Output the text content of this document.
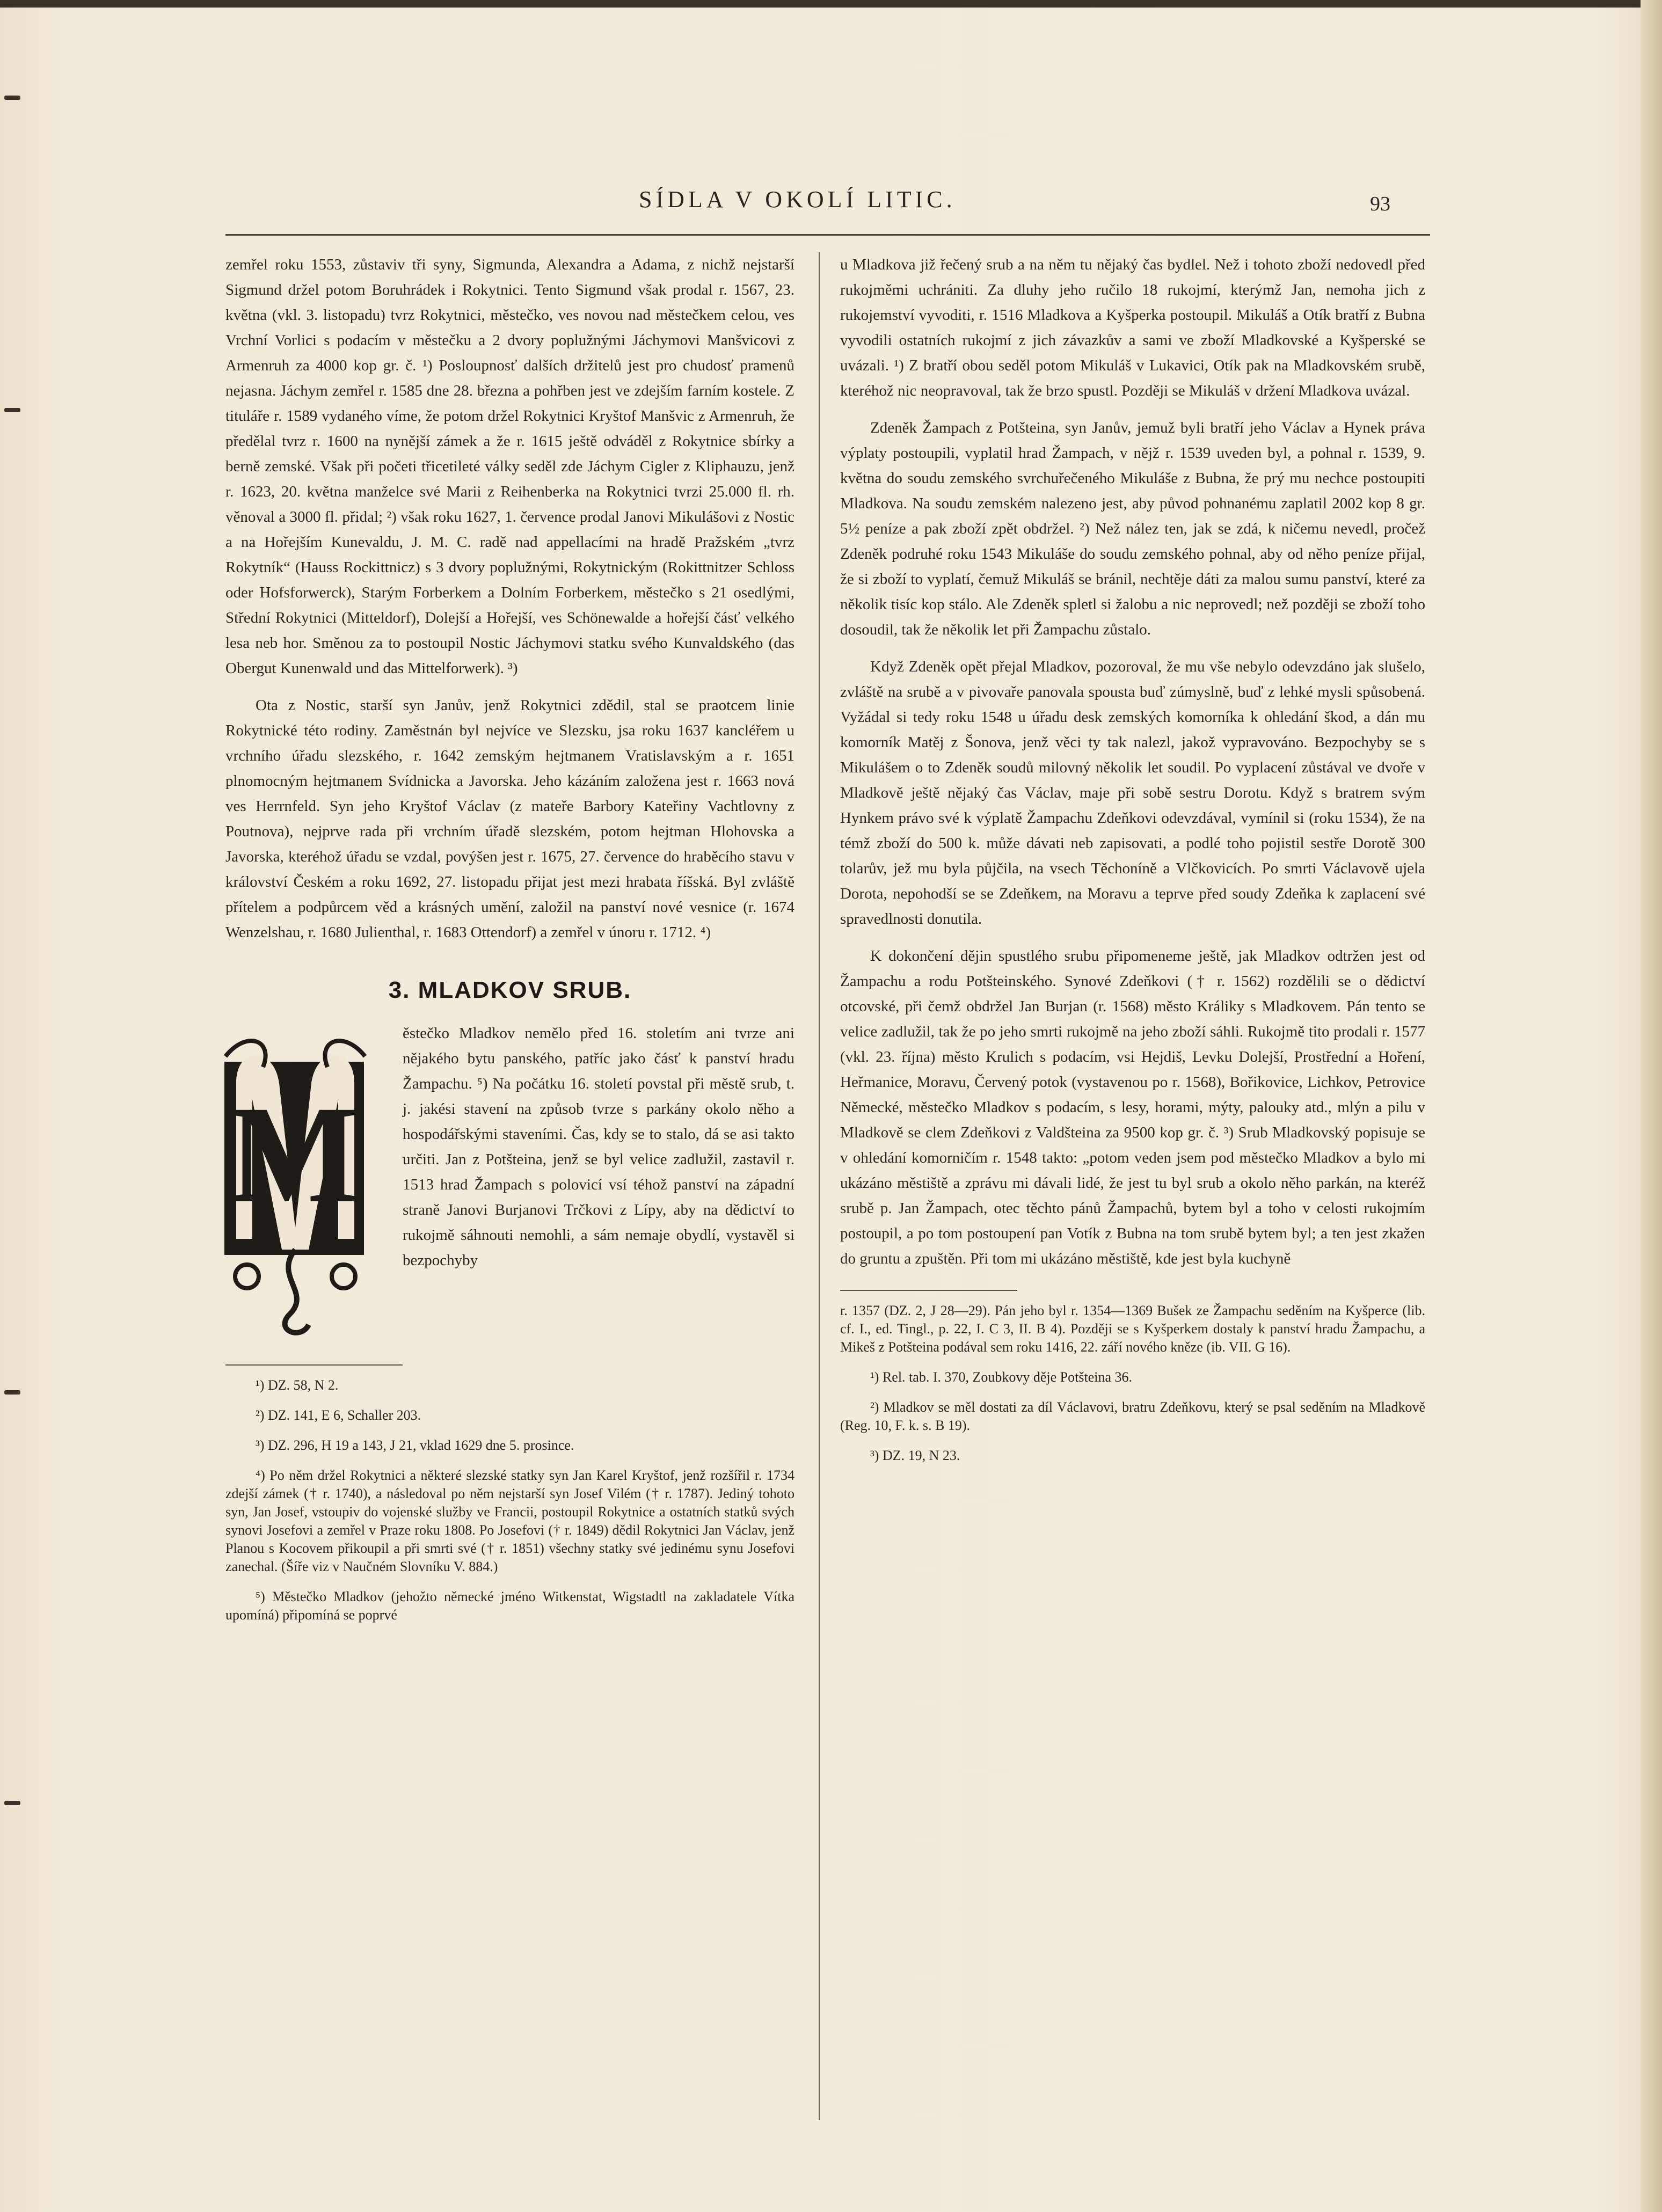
SÍDLA V OKOLÍ LITIC.	93

zemřel roku 1553, zůstaviv tři syny, Sigmunda, Alexandra a Adama, z nichž nejstarší Sigmund držel potom Boruhrádek i Rokytnici. Tento Sigmund však prodal r. 1567, 23. května (vkl. 3. listopadu) tvrz Rokytnici, městečko, ves novou nad městečkem celou, ves Vrchní Vorlici s podacím v městečku a 2 dvory poplužnými Jáchymovi Manšvicovi z Armenruh za 4000 kop gr. č. ¹) Posloupnosť dalších držitelů jest pro chudosť pramenů nejasna. Jáchym zemřel r. 1585 dne 28. března a pohřben jest ve zdejším farním kostele. Z tituláře r. 1589 vydaného víme, že potom držel Rokytnici Kryštof Manšvic z Armenruh, že předělal tvrz r. 1600 na nynější zámek a že r. 1615 ještě odváděl z Rokytnice sbírky a berně zemské. Však při početi třicetileté války seděl zde Jáchym Cigler z Kliphauzu, jenž r. 1623, 20. května manželce své Marii z Reihenberka na Rokytnici tvrzi 25.000 fl. rh. věnoval a 3000 fl. přidal; ²) však roku 1627, 1. července prodal Janovi Mikulášovi z Nostic a na Hořejším Kunevaldu, J. M. C. radě nad appellacími na hradě Pražském „tvrz Rokytník“ (Hauss Rockittnicz) s 3 dvory poplužnými, Rokytnickým (Rokittnitzer Schloss oder Hofsforwerck), Starým Forberkem a Dolním Forberkem, městečko s 21 osedlými, Střední Rokytnici (Mitteldorf), Dolejší a Hořejší, ves Schönewalde a hořejší čásť velkého lesa neb hor. Směnou za to postoupil Nostic Jáchymovi statku svého Kunvaldského (das Obergut Kunenwald und das Mittelforwerk). ³)

Ota z Nostic, starší syn Janův, jenž Rokytnici zdědil, stal se praotcem linie Rokytnické této rodiny. Zaměstnán byl nejvíce ve Slezsku, jsa roku 1637 kancléřem u vrchního úřadu slezského, r. 1642 zemským hejtmanem Vratislavským a r. 1651 plnomocným hejtmanem Svídnicka a Javorska. Jeho kázáním založena jest r. 1663 nová ves Herrnfeld. Syn jeho Kryštof Václav (z mateře Barbory Kateřiny Vachtlovny z Poutnova), nejprve rada při vrchním úřadě slezském, potom hejtman Hlohovska a Javorska, kteréhož úřadu se vzdal, povýšen jest r. 1675, 27. července do hraběcího stavu v království Českém a roku 1692, 27. listopadu přijat jest mezi hrabata říšská. Byl zvláště přítelem a podpůrcem věd a krásných umění, založil na panství nové vesnice (r. 1674 Wenzelshau, r. 1680 Julienthal, r. 1683 Ottendorf) a zemřel v únoru r. 1712. ⁴)

3. MLADKOV SRUB.
M

ěstečko Mladkov nemělo před 16. stoletím ani tvrze ani nějakého bytu panského, patříc jako čásť k panství hradu Žampachu. ⁵) Na počátku 16. století povstal při městě srub, t. j. jakési stavení na způsob tvrze s parkány okolo něho a hospodářskými staveními. Čas, kdy se to stalo, dá se asi takto určiti. Jan z Potšteina, jenž se byl velice zadlužil, zastavil r. 1513 hrad Žampach s polovicí vsí téhož panství na západní straně Janovi Burjanovi Trčkovi z Lípy, aby na dědictví to rukojmě sáhnouti nemohli, a sám nemaje obydlí, vystavěl si bezpochyby

¹) DZ. 58, N 2.

²) DZ. 141, E 6, Schaller 203.

³) DZ. 296, H 19 a 143, J 21, vklad 1629 dne 5. prosince.

⁴) Po něm držel Rokytnici a některé slezské statky syn Jan Karel Kryštof, jenž rozšířil r. 1734 zdejší zámek († r. 1740), a následoval po něm nejstarší syn Josef Vilém († r. 1787). Jediný tohoto syn, Jan Josef, vstoupiv do vojenské služby ve Francii, postoupil Rokytnice a ostatních statků svých synovi Josefovi a zemřel v Praze roku 1808. Po Josefovi († r. 1849) dědil Rokytnici Jan Václav, jenž Planou s Kocovem přikoupil a při smrti své († r. 1851) všechny statky své jedinému synu Josefovi zanechal. (Šíře viz v Naučném Slovníku V. 884.)

⁵) Městečko Mladkov (jehožto německé jméno Witkenstat, Wigstadtl na zakladatele Vítka upomíná) připomíná se poprvé

u Mladkova již řečený srub a na něm tu nějaký čas bydlel. Než i tohoto zboží nedovedl před rukojměmi uchrániti. Za dluhy jeho ručilo 18 rukojmí, kterýmž Jan, nemoha jich z rukojemství vyvoditi, r. 1516 Mladkova a Kyšperka postoupil. Mikuláš a Otík bratří z Bubna vyvodili ostatních rukojmí z jich závazkův a sami ve zboží Mladkovské a Kyšperské se uvázali. ¹) Z bratří obou seděl potom Mikuláš v Lukavici, Otík pak na Mladkovském srubě, kteréhož nic neopravoval, tak že brzo spustl. Později se Mikuláš v držení Mladkova uvázal.

Zdeněk Žampach z Potšteina, syn Janův, jemuž byli bratří jeho Václav a Hynek práva výplaty postoupili, vyplatil hrad Žampach, v nějž r. 1539 uveden byl, a pohnal r. 1539, 9. května do soudu zemského svrchuřečeného Mikuláše z Bubna, že prý mu nechce postoupiti Mladkova. Na soudu zemském nalezeno jest, aby původ pohnanému zaplatil 2002 kop 8 gr. 5½ peníze a pak zboží zpět obdržel. ²) Než nález ten, jak se zdá, k ničemu nevedl, pročež Zdeněk podruhé roku 1543 Mikuláše do soudu zemského pohnal, aby od něho peníze přijal, že si zboží to vyplatí, čemuž Mikuláš se bránil, nechtěje dáti za malou sumu panství, které za několik tisíc kop stálo. Ale Zdeněk spletl si žalobu a nic neprovedl; než později se zboží toho dosoudil, tak že několik let při Žampachu zůstalo.

Když Zdeněk opět přejal Mladkov, pozoroval, že mu vše nebylo odevzdáno jak slušelo, zvláště na srubě a v pivovaře panovala spousta buď zúmyslně, buď z lehké mysli spůsobená. Vyžádal si tedy roku 1548 u úřadu desk zemských komorníka k ohledání škod, a dán mu komorník Matěj z Šonova, jenž věci ty tak nalezl, jakož vypravováno. Bezpochyby se s Mikulášem o to Zdeněk soudů milovný několik let soudil. Po vyplacení zůstával ve dvoře v Mladkově ještě nějaký čas Václav, maje při sobě sestru Dorotu. Když s bratrem svým Hynkem právo své k výplatě Žampachu Zdeňkovi odevzdával, vymínil si (roku 1534), že na témž zboží do 500 k. může dávati neb zapisovati, a podlé toho pojistil sestře Dorotě 300 tolarův, jež mu byla půjčila, na vsech Těchoníně a Vlčkovicích. Po smrti Václavově ujela Dorota, nepohodší se se Zdeňkem, na Moravu a teprve před soudy Zdeňka k zaplacení své spravedlnosti donutila.

K dokončení dějin spustlého srubu připomeneme ještě, jak Mladkov odtržen jest od Žampachu a rodu Potšteinského. Synové Zdeňkovi († r. 1562) rozdělili se o dědictví otcovské, při čemž obdržel Jan Burjan (r. 1568) město Králiky s Mladkovem. Pán tento se velice zadlužil, tak že po jeho smrti rukojmě na jeho zboží sáhli. Rukojmě tito prodali r. 1577 (vkl. 23. října) město Krulich s podacím, vsi Hejdiš, Levku Dolejší, Prostřední a Hoření, Heřmanice, Moravu, Červený potok (vystavenou po r. 1568), Bořikovice, Lichkov, Petrovice Německé, městečko Mladkov s podacím, s lesy, horami, mýty, palouky atd., mlýn a pilu v Mladkově se clem Zdeňkovi z Valdšteina za 9500 kop gr. č. ³) Srub Mladkovský popisuje se v ohledání komorničím r. 1548 takto: „potom veden jsem pod městečko Mladkov a bylo mi ukázáno městiště a zprávu mi dávali lidé, že jest tu byl srub a okolo něho parkán, na kteréž srubě p. Jan Žampach, otec těchto pánů Žampachů, bytem byl a toho v celosti rukojmím postoupil, a po tom postoupení pan Votík z Bubna na tom srubě bytem byl; a ten jest zkažen do gruntu a zpuštěn. Při tom mi ukázáno městiště, kde jest byla kuchyně

r. 1357 (DZ. 2, J 28—29). Pán jeho byl r. 1354—1369 Bušek ze Žampachu seděním na Kyšperce (lib. cf. I., ed. Tingl., p. 22, I. C 3, II. B 4). Později se s Kyšperkem dostaly k panství hradu Žampachu, a Mikeš z Potšteina podával sem roku 1416, 22. září nového kněze (ib. VII. G 16).

¹) Rel. tab. I. 370, Zoubkovy děje Potšteina 36.

²) Mladkov se měl dostati za díl Václavovi, bratru Zdeňkovu, který se psal seděním na Mladkově (Reg. 10, F. k. s. B 19).

³) DZ. 19, N 23.
